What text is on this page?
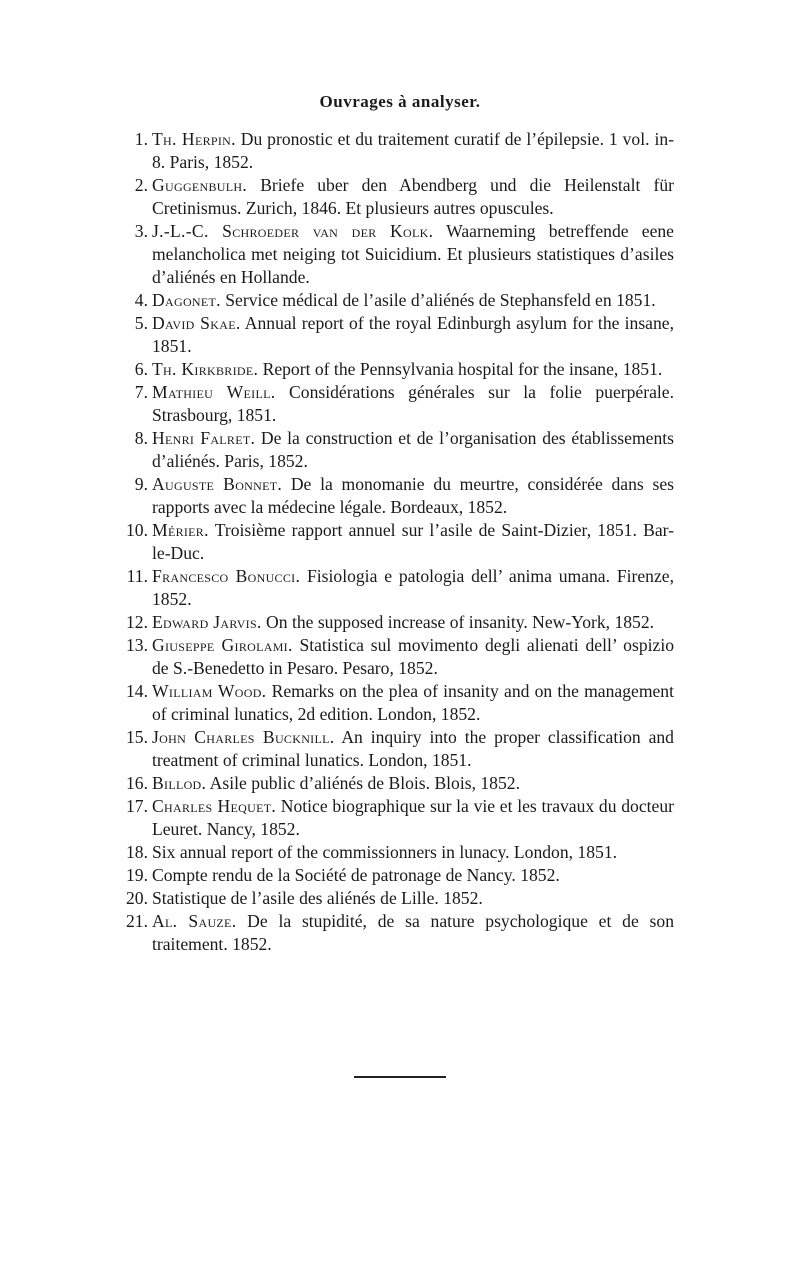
Ouvrages à analyser.
1. Th. Herpin. Du pronostic et du traitement curatif de l’épilepsie. 1 vol. in-8. Paris, 1852.
2. Guggenbulh. Briefe uber den Abendberg und die Heilenstalt für Cretinismus. Zurich, 1846. Et plusieurs autres opuscules.
3. J.-L.-C. Schroeder van der Kolk. Waarneming betreffende eene melancholica met neiging tot Suicidium. Et plusieurs statistiques d’asiles d’aliénés en Hollande.
4. Dagonet. Service médical de l’asile d’aliénés de Stephansfeld en 1851.
5. David Skae. Annual report of the royal Edinburgh asylum for the insane, 1851.
6. Th. Kirkbride. Report of the Pennsylvania hospital for the insane, 1851.
7. Mathieu Weill. Considérations générales sur la folie puerpérale. Strasbourg, 1851.
8. Henri Falret. De la construction et de l’organisation des établissements d’aliénés. Paris, 1852.
9. Auguste Bonnet. De la monomanie du meurtre, considérée dans ses rapports avec la médecine légale. Bordeaux, 1852.
10. Mérier. Troisième rapport annuel sur l’asile de Saint-Dizier, 1851. Bar-le-Duc.
11. Francesco Bonucci. Fisiologia e patologia dell’ anima umana. Firenze, 1852.
12. Edward Jarvis. On the supposed increase of insanity. New-York, 1852.
13. Giuseppe Girolami. Statistica sul movimento degli alienati dell’ ospizio de S.-Benedetto in Pesaro. Pesaro, 1852.
14. William Wood. Remarks on the plea of insanity and on the management of criminal lunatics, 2d edition. London, 1852.
15. John Charles Bucknill. An inquiry into the proper classification and treatment of criminal lunatics. London, 1851.
16. Billod. Asile public d’aliénés de Blois. Blois, 1852.
17. Charles Hequet. Notice biographique sur la vie et les travaux du docteur Leuret. Nancy, 1852.
18. Six annual report of the commissionners in lunacy. London, 1851.
19. Compte rendu de la Société de patronage de Nancy. 1852.
20. Statistique de l’asile des aliénés de Lille. 1852.
21. Al. Sauze. De la stupidité, de sa nature psychologique et de son traitement. 1852.
